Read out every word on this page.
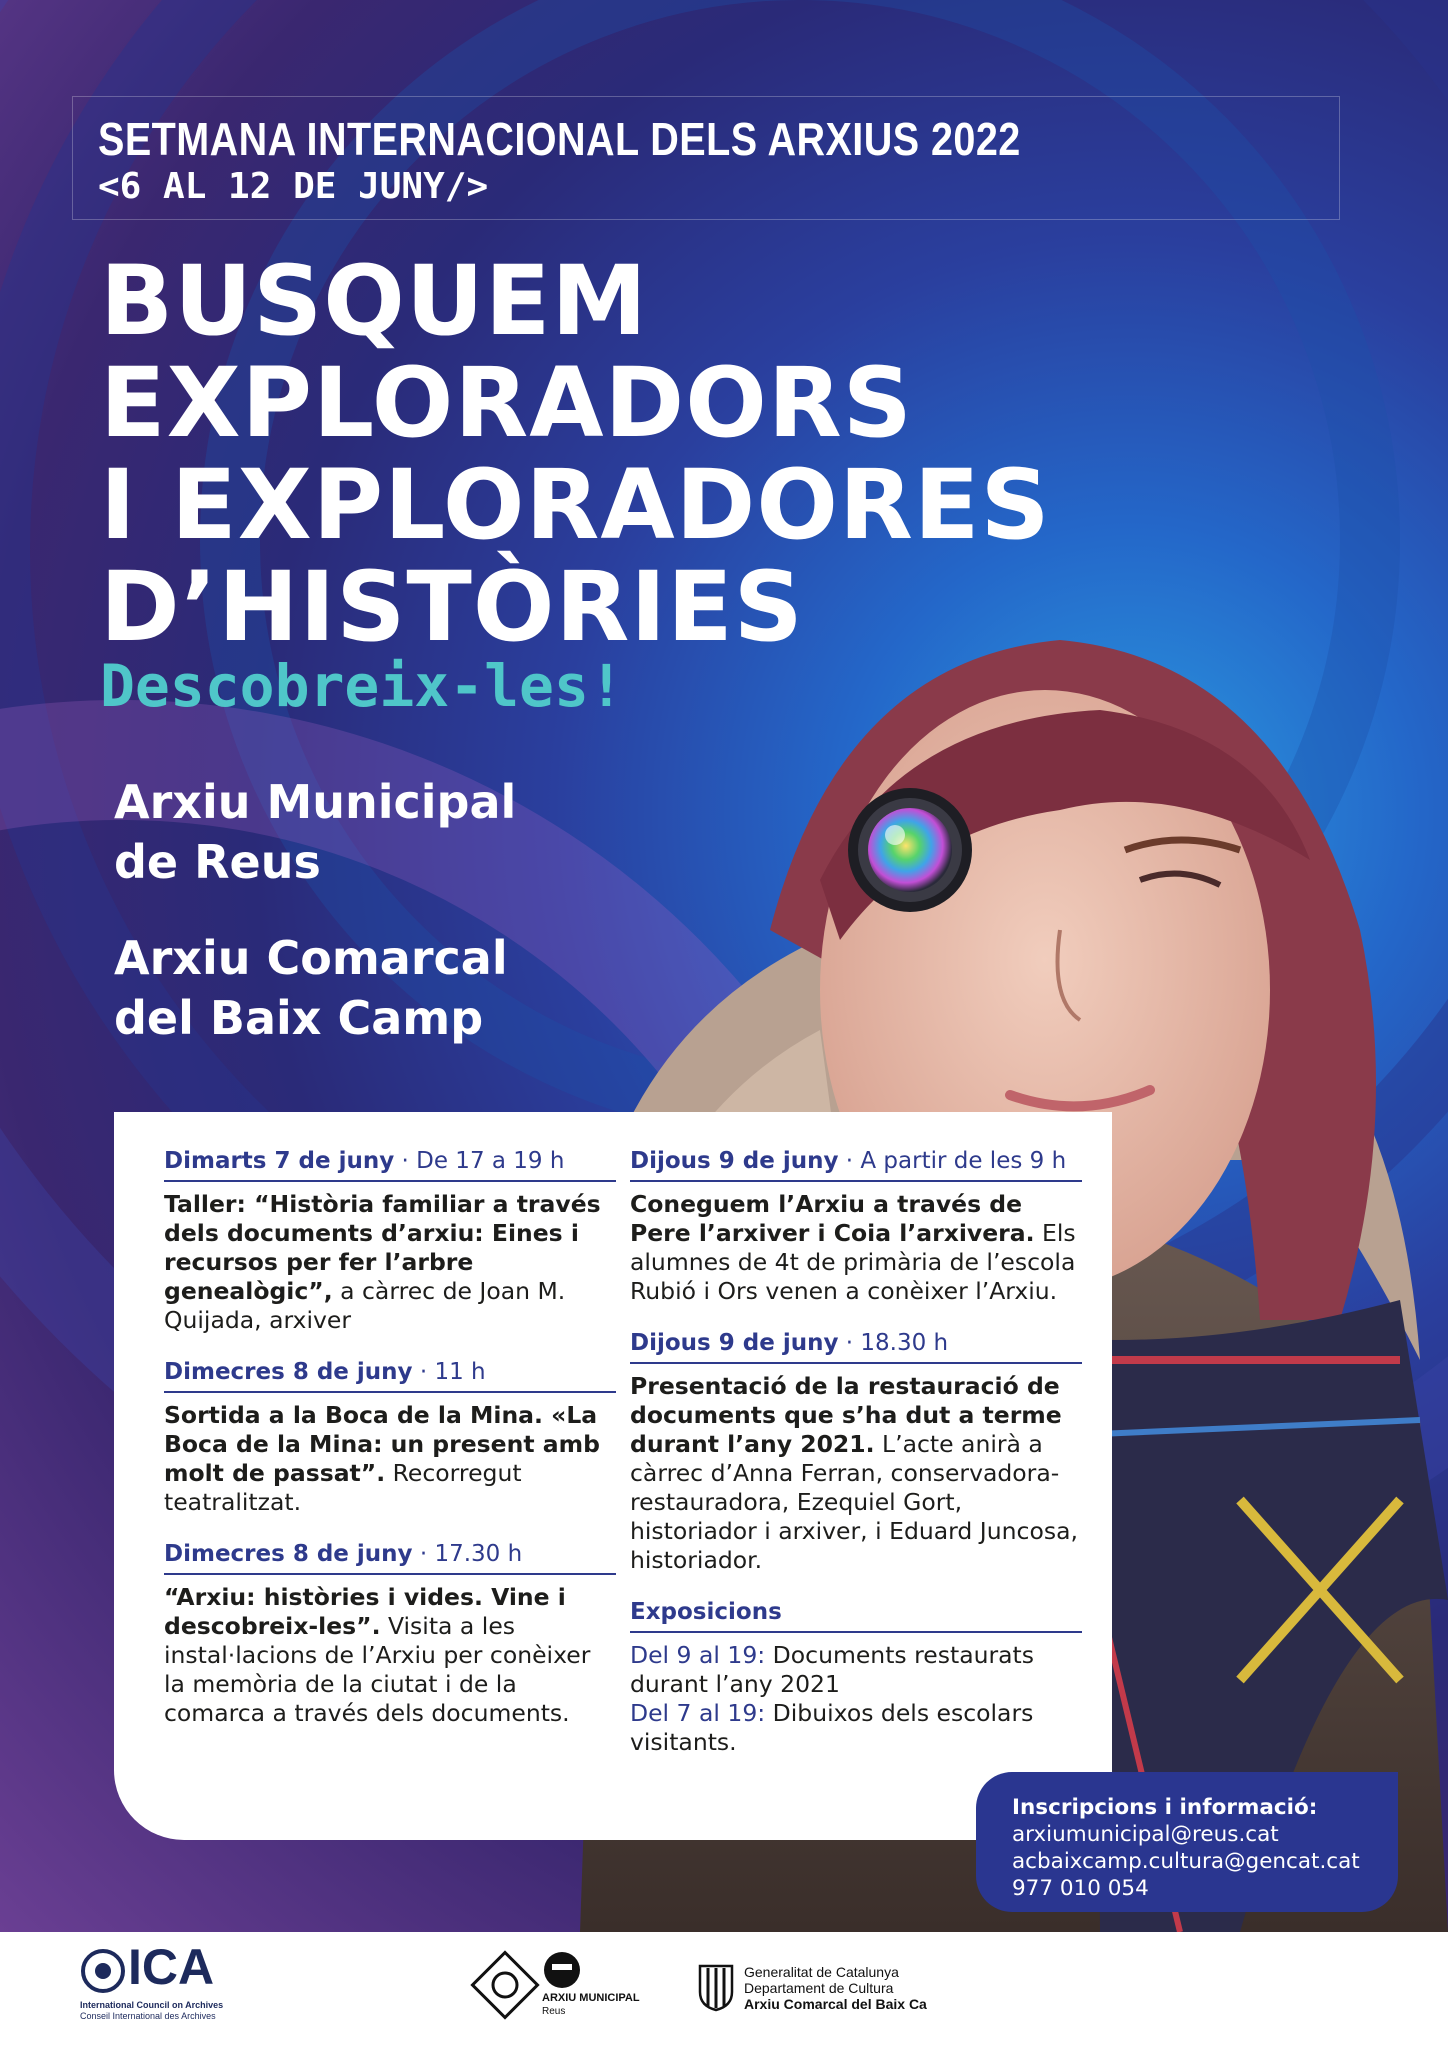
SETMANA INTERNACIONAL DELS ARXIUS 2022
<6 AL 12 DE JUNY/>
BUSQUEM
EXPLORADORS
I EXPLORADORES
D’HISTÒRIES
Descobreix-les!
Arxiu Municipal
de Reus
Arxiu Comarcal
del Baix Camp
Dimarts 7 de juny · De 17 a 19 h
Taller: “Història familiar a través dels documents d’arxiu: Eines i recursos per fer l’arbre genealògic”, a càrrec de Joan M. Quijada, arxiver
Dimecres 8 de juny · 11 h
Sortida a la Boca de la Mina. «La Boca de la Mina: un present amb molt de passat”. Recorregut teatralitzat.
Dimecres 8 de juny · 17.30 h
“Arxiu: històries i vides. Vine i descobreix-les”. Visita a les instal·lacions de l’Arxiu per conèixer la memòria de la ciutat i de la comarca a través dels documents.
Dijous 9 de juny · A partir de les 9 h
Coneguem l’Arxiu a través de Pere l’arxiver i Coia l’arxivera. Els alumnes de 4t de primària de l’escola Rubió i Ors venen a conèixer l’Arxiu.
Dijous 9 de juny · 18.30 h
Presentació de la restauració de documents que s’ha dut a terme durant l’any 2021. L’acte anirà a càrrec d’Anna Ferran, conservadora-restauradora, Ezequiel Gort, historiador i arxiver, i Eduard Juncosa, historiador.
Exposicions
Del 9 al 19: Documents restaurats durant l’any 2021
Del 7 al 19: Dibuixos dels escolars visitants.
Inscripcions i informació:
arxiumunicipal@reus.cat
acbaixcamp.cultura@gencat.cat
977 010 054
ICA
International Council on Archives
Conseil International des Archives
ARXIU MUNICIPAL
Reus
Generalitat de Catalunya
Departament de Cultura
Arxiu Comarcal del Baix Ca
